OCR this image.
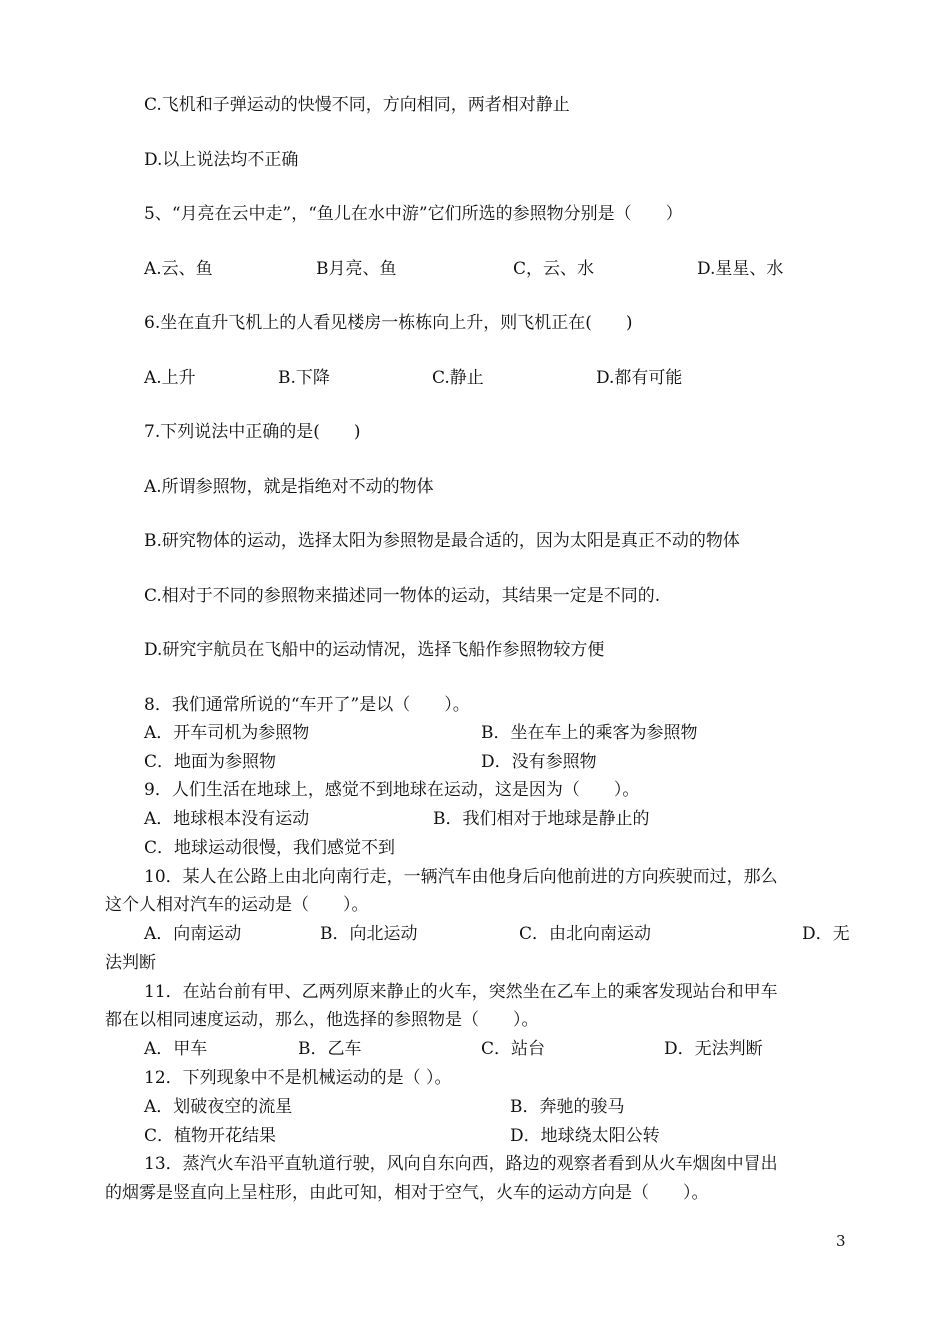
C.飞机和子弹运动的快慢不同，方向相同，两者相对静止
D.以上说法均不正确
5、“月亮在云中走”，“鱼儿在水中游”它们所选的参照物分别是（　　）
A.云、鱼	B月亮、鱼	C，云、水	D.星星、水
6.坐在直升飞机上的人看见楼房一栋栋向上升，则飞机正在(　　)
A.上升	B.下降	C.静止	D.都有可能
7.下列说法中正确的是(　　)
A.所谓参照物，就是指绝对不动的物体
B.研究物体的运动，选择太阳为参照物是最合适的，因为太阳是真正不动的物体
C.相对于不同的参照物来描述同一物体的运动，其结果一定是不同的.
D.研究宇航员在飞船中的运动情况，选择飞船作参照物较方便
8．我们通常所说的“车开了”是以（　　）。
A．开车司机为参照物	B．坐在车上的乘客为参照物
C．地面为参照物	D．没有参照物
9．人们生活在地球上，感觉不到地球在运动，这是因为（　　）。
A．地球根本没有运动	B．我们相对于地球是静止的
C．地球运动很慢，我们感觉不到
10．某人在公路上由北向南行走，一辆汽车由他身后向他前进的方向疾驶而过，那么
这个人相对汽车的运动是（　　）。
A．向南运动	B．向北运动	C．由北向南运动	D．无
法判断
11．在站台前有甲、乙两列原来静止的火车，突然坐在乙车上的乘客发现站台和甲车
都在以相同速度运动，那么，他选择的参照物是（　　）。
A．甲车	B．乙车	C．站台	D．无法判断
12．下列现象中不是机械运动的是（ ）。
A．划破夜空的流星	B．奔驰的骏马
C．植物开花结果	D．地球绕太阳公转
13．蒸汽火车沿平直轨道行驶，风向自东向西，路边的观察者看到从火车烟囱中冒出
的烟雾是竖直向上呈柱形，由此可知，相对于空气，火车的运动方向是（　　）。
3
